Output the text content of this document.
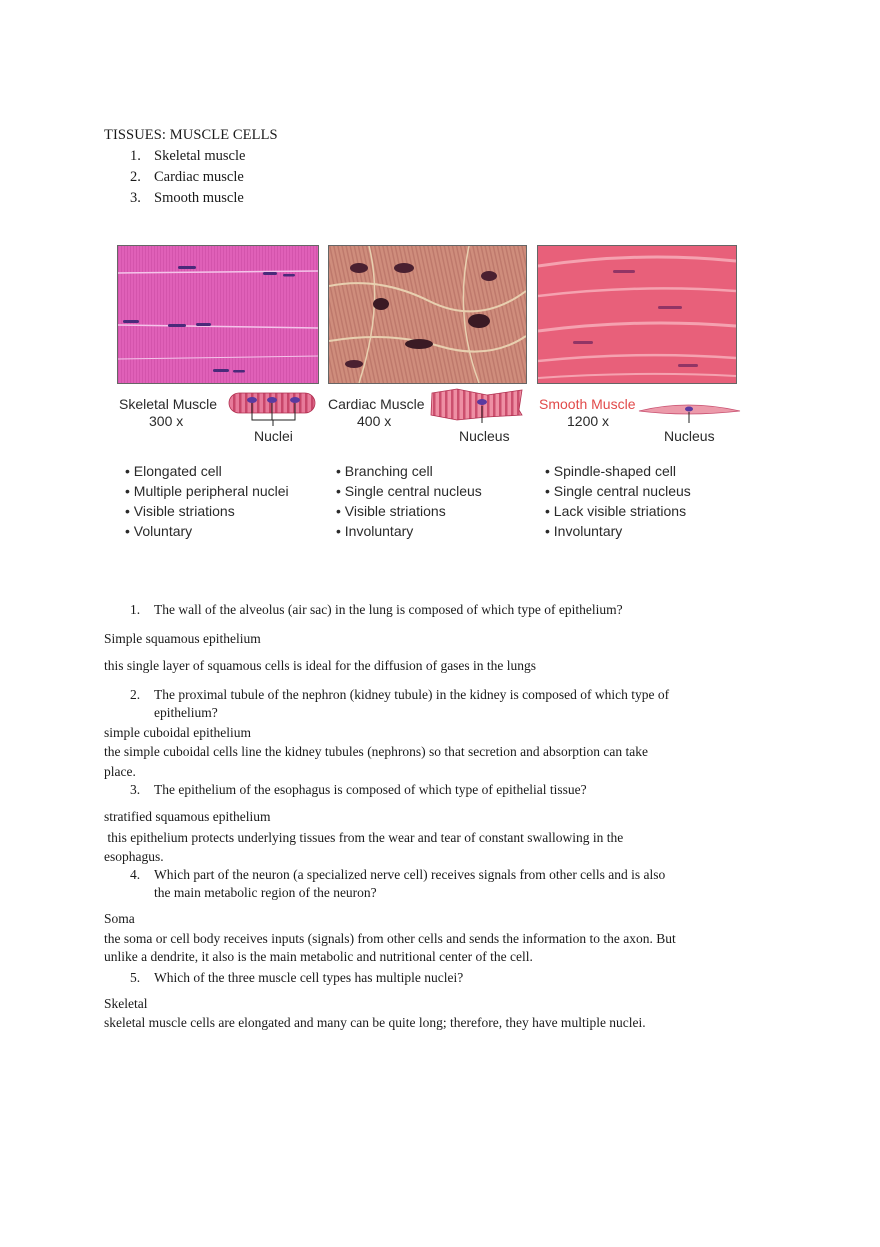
TISSUES: MUSCLE CELLS
1. Skeletal muscle
2. Cardiac muscle
3. Smooth muscle
Skeletal Muscle
300 x
Nuclei
Cardiac Muscle
400 x
Nucleus
Smooth Muscle
1200 x
Nucleus
• Elongated cell
• Multiple peripheral nuclei
• Visible striations
• Voluntary
• Branching cell
• Single central nucleus
• Visible striations
• Involuntary
• Spindle-shaped cell
• Single central nucleus
• Lack visible striations
• Involuntary
1. The wall of the alveolus (air sac) in the lung is composed of which type of epithelium?
Simple squamous epithelium
this single layer of squamous cells is ideal for the diffusion of gases in the lungs
2. The proximal tubule of the nephron (kidney tubule) in the kidney is composed of which type of
epithelium?
simple cuboidal epithelium
the simple cuboidal cells line the kidney tubules (nephrons) so that secretion and absorption can take
place.
3. The epithelium of the esophagus is composed of which type of epithelial tissue?
stratified squamous epithelium
this epithelium protects underlying tissues from the wear and tear of constant swallowing in the
esophagus.
4. Which part of the neuron (a specialized nerve cell) receives signals from other cells and is also
the main metabolic region of the neuron?
Soma
the soma or cell body receives inputs (signals) from other cells and sends the information to the axon. But
unlike a dendrite, it also is the main metabolic and nutritional center of the cell.
5. Which of the three muscle cell types has multiple nuclei?
Skeletal
skeletal muscle cells are elongated and many can be quite long; therefore, they have multiple nuclei.
